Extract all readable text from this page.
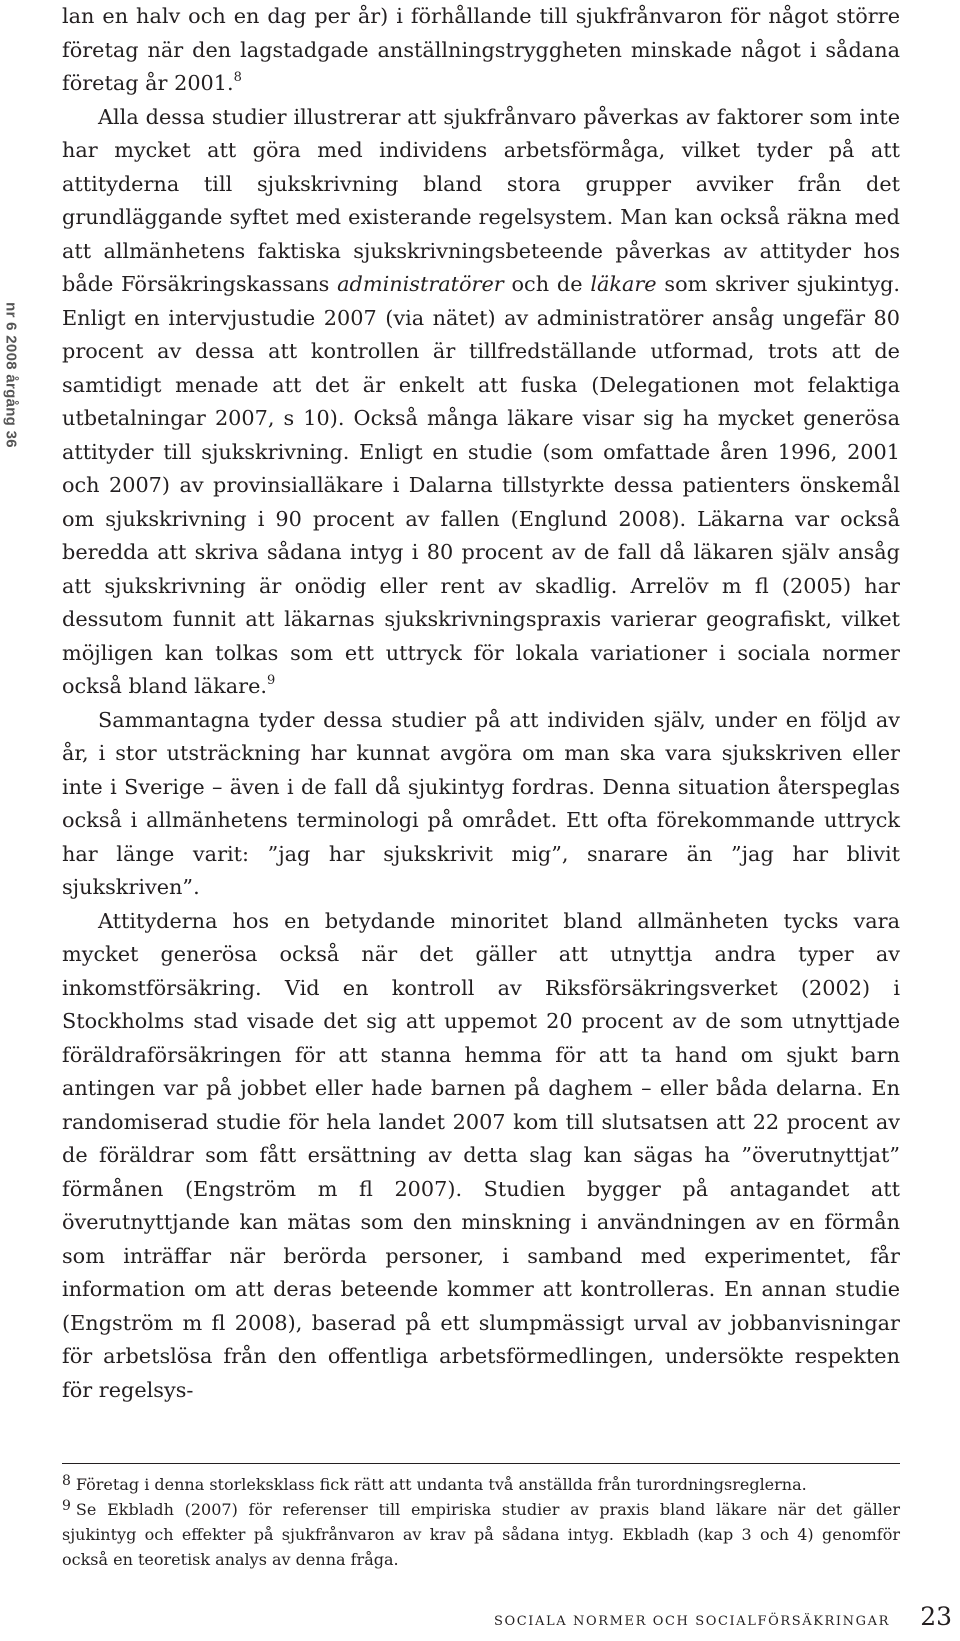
nr 6 2008 årgång 36

lan en halv och en dag per år) i förhållande till sjukfrånvaron för något större företag när den lagstadgade anställningstryggheten minskade något i sådana företag år 2001.$^8$

Alla dessa studier illustrerar att sjukfrånvaro påverkas av faktorer som inte har mycket att göra med individens arbetsförmåga, vilket tyder på att attityderna till sjukskrivning bland stora grupper avviker från det grundläggande syftet med existerande regelsystem. Man kan också räkna med att allmänhetens faktiska sjukskrivningsbeteende påverkas av attityder hos både Försäkringskassans administratörer och de läkare som skriver sjukintyg. Enligt en intervjustudie 2007 (via nätet) av administratörer ansåg ungefär 80 procent av dessa att kontrollen är tillfredställande utformad, trots att de samtidigt menade att det är enkelt att fuska (Delegationen mot felaktiga utbetalningar 2007, s 10). Också många läkare visar sig ha mycket generösa attityder till sjukskrivning. Enligt en studie (som omfattade åren 1996, 2001 och 2007) av provinsialläkare i Dalarna tillstyrkte dessa patienters önskemål om sjukskrivning i 90 procent av fallen (Englund 2008). Läkarna var också beredda att skriva sådana intyg i 80 procent av de fall då läkaren själv ansåg att sjukskrivning är onödig eller rent av skadlig. Arrelöv m fl (2005) har dessutom funnit att läkarnas sjukskrivningspraxis varierar geografiskt, vilket möjligen kan tolkas som ett uttryck för lokala variationer i sociala normer också bland läkare.$^9$

Sammantagna tyder dessa studier på att individen själv, under en följd av år, i stor utsträckning har kunnat avgöra om man ska vara sjukskriven eller inte i Sverige – även i de fall då sjukintyg fordras. Denna situation återspeglas också i allmänhetens terminologi på området. Ett ofta förekommande uttryck har länge varit: ”jag har sjukskrivit mig”, snarare än ”jag har blivit sjukskriven”.

Attityderna hos en betydande minoritet bland allmänheten tycks vara mycket generösa också när det gäller att utnyttja andra typer av inkomstförsäkring. Vid en kontroll av Riksförsäkringsverket (2002) i Stockholms stad visade det sig att uppemot 20 procent av de som utnyttjade föräldraförsäkringen för att stanna hemma för att ta hand om sjukt barn antingen var på jobbet eller hade barnen på daghem – eller båda delarna. En randomiserad studie för hela landet 2007 kom till slutsatsen att 22 procent av de föräldrar som fått ersättning av detta slag kan sägas ha ”överutnyttjat” förmånen (Engström m fl 2007). Studien bygger på antagandet att överutnyttjande kan mätas som den minskning i användningen av en förmån som inträffar när berörda personer, i samband med experimentet, får information om att deras beteende kommer att kontrolleras. En annan studie (Engström m fl 2008), baserad på ett slumpmässigt urval av jobbanvisningar för arbetslösa från den offentliga arbetsförmedlingen, undersökte respekten för regelsys-

8 Företag i denna storleksklass fick rätt att undanta två anställda från turordningsreglerna.

9 Se Ekbladh (2007) för referenser till empiriska studier av praxis bland läkare när det gäller sjukintyg och effekter på sjukfrånvaron av krav på sådana intyg. Ekbladh (kap 3 och 4) genomför också en teoretisk analys av denna fråga.

SOCIALA NORMER OCH SOCIALFÖRSÄKRINGAR 23
